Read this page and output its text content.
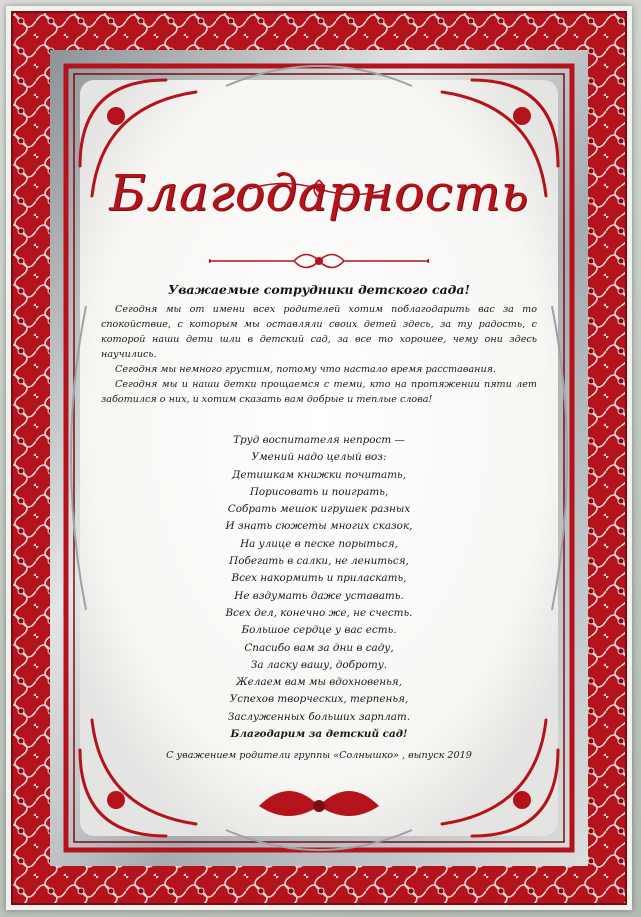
Благодарность
Уважаемые сотрудники детского сада!

Сегодня мы от имени всех родителей хотим поблагодарить вас за то спокойствие, с которым мы оставляли своих детей здесь, за ту радость, с которой наши дети шли в детский сад, за все то хорошее, чему они здесь научились.

Сегодня мы немного грустим, потому что настало время расставания.

Сегодня мы и наши детки прощаемся с теми, кто на протяжении пяти лет заботился о них, и хотим сказать вам добрые и теплые слова!

Труд воспитателя непрост —
Умений надо целый воз:
Детишкам книжки почитать,
Порисовать и поиграть,
Собрать мешок игрушек разных
И знать сюжеты многих сказок,
На улице в песке порыться,
Побегать в салки, не лениться,
Всех накормить и приласкать,
Не вздумать даже уставать.
Всех дел, конечно же, не счесть.
Большое сердце у вас есть.
Спасибо вам за дни в саду,
За ласку вашу, доброту.
Желаем вам мы вдохновенья,
Успехов творческих, терпенья,
Заслуженных больших зарплат.
Благодарим за детский сад!
С уважением родители группы «Солнышко» , выпуск 2019
